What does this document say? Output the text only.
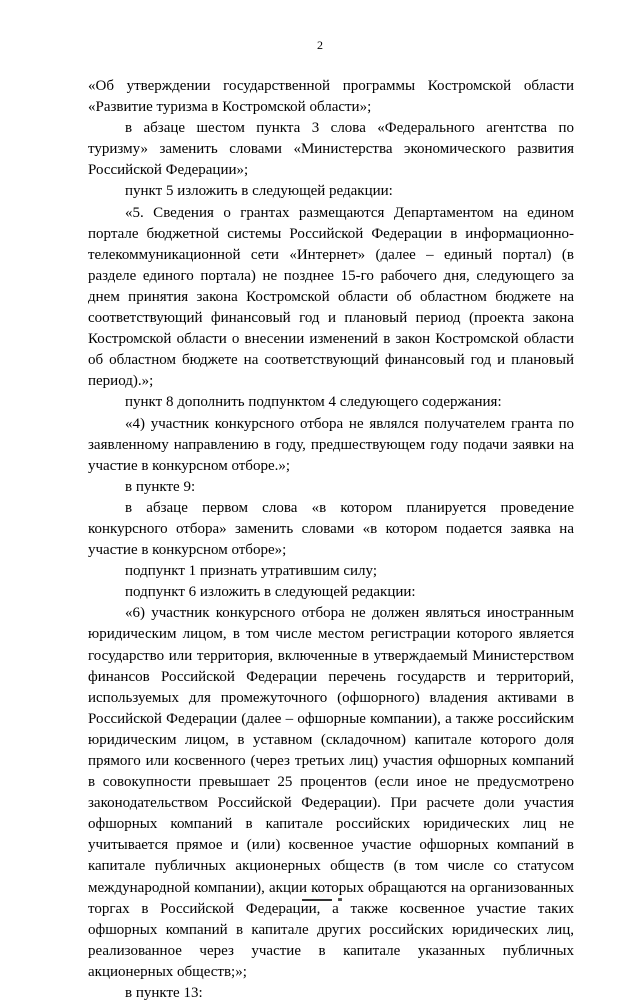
2

«Об утверждении государственной программы Костромской области «Развитие туризма в Костромской области»;

в абзаце шестом пункта 3 слова «Федерального агентства по туризму» заменить словами «Министерства экономического развития Российской Федерации»;

пункт 5 изложить в следующей редакции:

«5. Сведения о грантах размещаются Департаментом на едином портале бюджетной системы Российской Федерации в информационно-телекоммуникационной сети «Интернет» (далее – единый портал) (в разделе единого портала) не позднее 15-го рабочего дня, следующего за днем принятия закона Костромской области об областном бюджете на соответствующий финансовый год и плановый период (проекта закона Костромской области о внесении изменений в закон Костромской области об областном бюджете на соответствующий финансовый год и плановый период).»;

пункт 8 дополнить подпунктом 4 следующего содержания:

«4) участник конкурсного отбора не являлся получателем гранта по заявленному направлению в году, предшествующем году подачи заявки на участие в конкурсном отборе.»;

в пункте 9:

в абзаце первом слова «в котором планируется проведение конкурсного отбора» заменить словами «в котором подается заявка на участие в конкурсном отборе»;

подпункт 1 признать утратившим силу;

подпункт 6 изложить в следующей редакции:

«6) участник конкурсного отбора не должен являться иностранным юридическим лицом, в том числе местом регистрации которого является государство или территория, включенные в утверждаемый Министерством финансов Российской Федерации перечень государств и территорий, используемых для промежуточного (офшорного) владения активами в Российской Федерации (далее – офшорные компании), а также российским юридическим лицом, в уставном (складочном) капитале которого доля прямого или косвенного (через третьих лиц) участия офшорных компаний в совокупности превышает 25 процентов (если иное не предусмотрено законодательством Российской Федерации). При расчете доли участия офшорных компаний в капитале российских юридических лиц не учитывается прямое и (или) косвенное участие офшорных компаний в капитале публичных акционерных обществ (в том числе со статусом международной компании), акции которых обращаются на организованных торгах в Российской Федерации, а также косвенное участие таких офшорных компаний в капитале других российских юридических лиц, реализованное через участие в капитале указанных публичных акционерных обществ;»;

в пункте 13:
